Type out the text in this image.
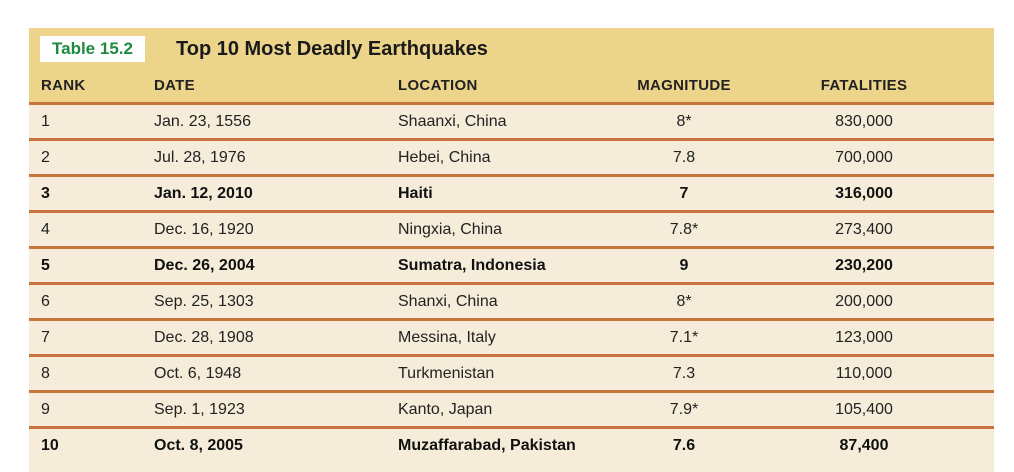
Table 15.2	Top 10 Most Deadly Earthquakes
RANK	DATE	LOCATION	MAGNITUDE	FATALITIES
1	Jan. 23, 1556	Shaanxi, China	8*	830,000
2	Jul. 28, 1976	Hebei, China	7.8	700,000
3	Jan. 12, 2010	Haiti	7	316,000
4	Dec. 16, 1920	Ningxia, China	7.8*	273,400
5	Dec. 26, 2004	Sumatra, Indonesia	9	230,200
6	Sep. 25, 1303	Shanxi, China	8*	200,000
7	Dec. 28, 1908	Messina, Italy	7.1*	123,000
8	Oct. 6, 1948	Turkmenistan	7.3	110,000
9	Sep. 1, 1923	Kanto, Japan	7.9*	105,400
10	Oct. 8, 2005	Muzaffarabad, Pakistan	7.6	87,400
